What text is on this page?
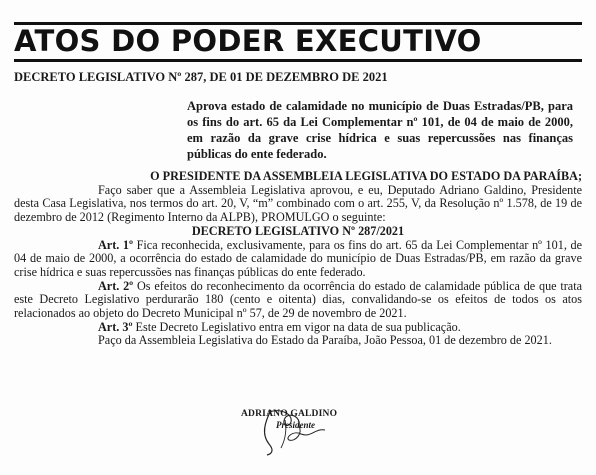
ATOS DO PODER EXECUTIVO
DECRETO LEGISLATIVO Nº 287, DE 01 DE DEZEMBRO DE 2021
Aprova estado de calamidade no município de Duas Estradas/PB, para os fins do art. 65 da Lei Complementar nº 101, de 04 de maio de 2000, em razão da grave crise hídrica e suas repercussões nas finanças públicas do ente federado.

O PRESIDENTE DA ASSEMBLEIA LEGISLATIVA DO ESTADO DA PARAÍBA;

Faço saber que a Assembleia Legislativa aprovou, e eu, Deputado Adriano Galdino, Presidente desta Casa Legislativa, nos termos do art. 20, V, “m” combinado com o art. 255, V, da Resolução nº 1.578, de 19 de dezembro de 2012 (Regimento Interno da ALPB), PROMULGO o seguinte:

DECRETO LEGISLATIVO Nº 287/2021

Art. 1º Fica reconhecida, exclusivamente, para os fins do art. 65 da Lei Complementar nº 101, de 04 de maio de 2000, a ocorrência do estado de calamidade do município de Duas Estradas/PB, em razão da grave crise hídrica e suas repercussões nas finanças públicas do ente federado.

Art. 2º Os efeitos do reconhecimento da ocorrência do estado de calamidade pública de que trata este Decreto Legislativo perdurarão 180 (cento e oitenta) dias, convalidando-se os efeitos de todos os atos relacionados ao objeto do Decreto Municipal nº 57, de 29 de novembro de 2021.

Art. 3º Este Decreto Legislativo entra em vigor na data de sua publicação.

Paço da Assembleia Legislativa do Estado da Paraíba, João Pessoa, 01 de dezembro de 2021.

ADRIANO GALDINO
Presidente
